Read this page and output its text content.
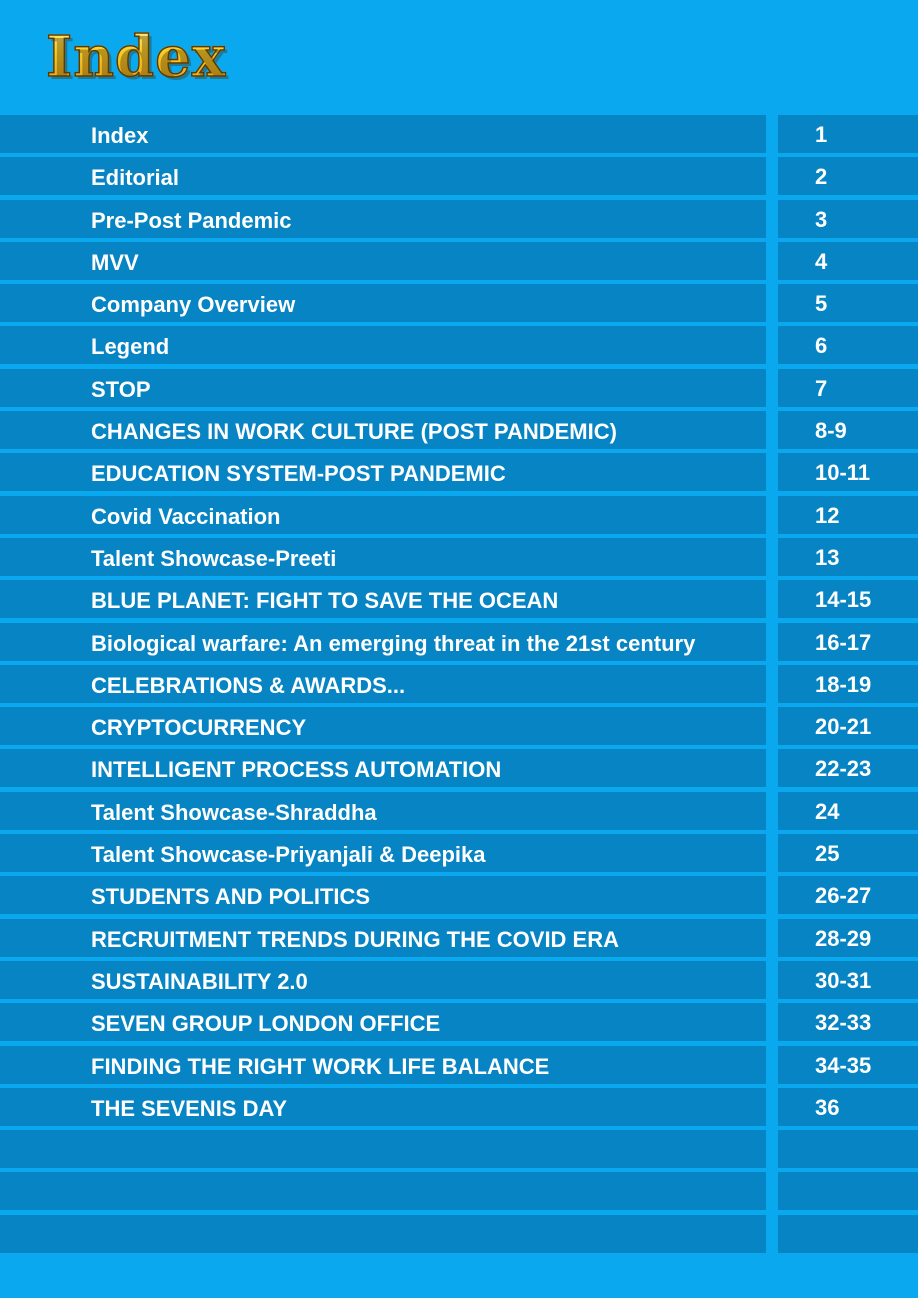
Index
Index	1
Editorial	2
Pre-Post Pandemic	3
MVV	4
Company Overview	5
Legend	6
STOP	7
CHANGES IN WORK CULTURE (POST PANDEMIC)	8-9
EDUCATION SYSTEM-POST PANDEMIC	10-11
Covid Vaccination	12
Talent Showcase-Preeti	13
BLUE PLANET: FIGHT TO SAVE THE OCEAN	14-15
Biological warfare: An emerging threat in the 21st century	16-17
CELEBRATIONS & AWARDS...	18-19
CRYPTOCURRENCY	20-21
INTELLIGENT PROCESS AUTOMATION	22-23
Talent Showcase-Shraddha	24
Talent Showcase-Priyanjali & Deepika	25
STUDENTS AND POLITICS	26-27
RECRUITMENT TRENDS DURING THE COVID ERA	28-29
SUSTAINABILITY 2.0	30-31
SEVEN GROUP LONDON OFFICE	32-33
FINDING THE RIGHT WORK LIFE BALANCE	34-35
THE SEVENIS DAY	36
